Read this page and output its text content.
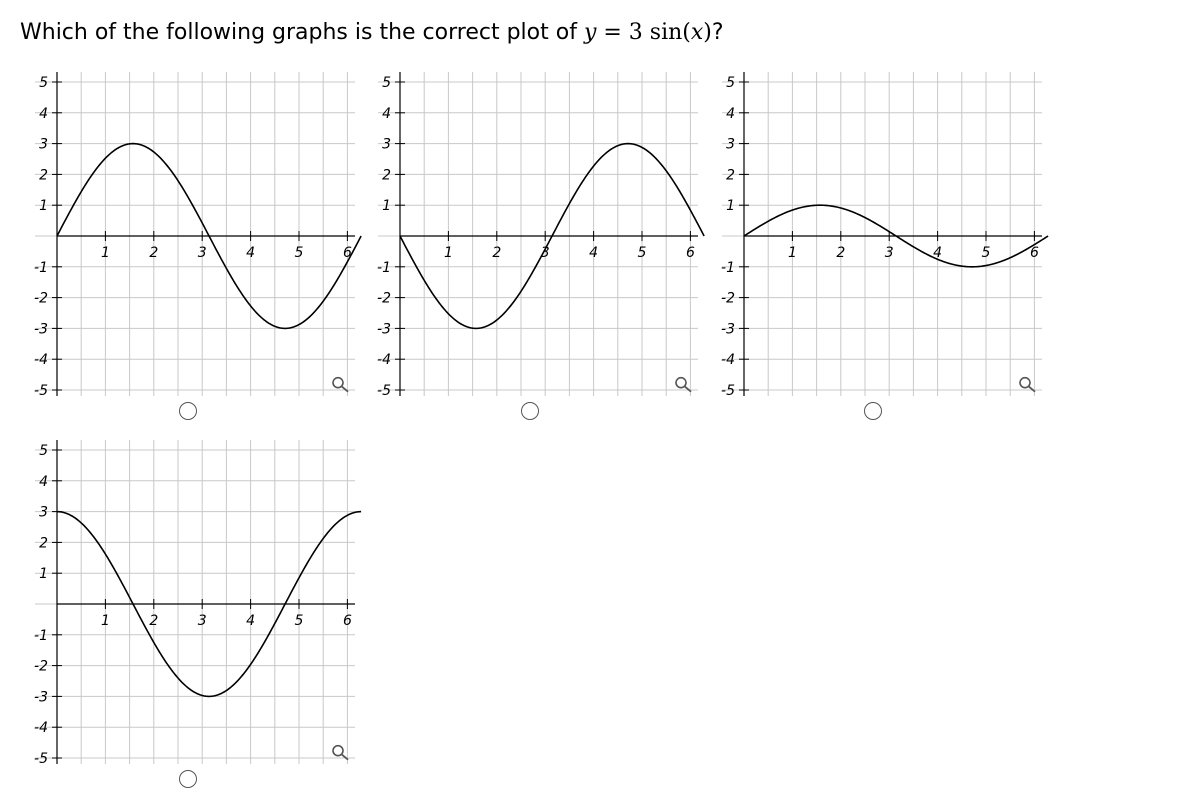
Which of the following graphs is the correct plot of y = 3 sin(x)?
1	2	3	4	5	6
1
2
3
4
5
-1
-2
-3
-4
-5
1	2	3	4	5	6
1
2
3
4
5
-1
-2
-3
-4
-5
1	2	3	4	5	6
1
2
3
4
5
-1
-2
-3
-4
-5
1	2	3	4	5	6
1
2
3
4
5
-1
-2
-3
-4
-5
